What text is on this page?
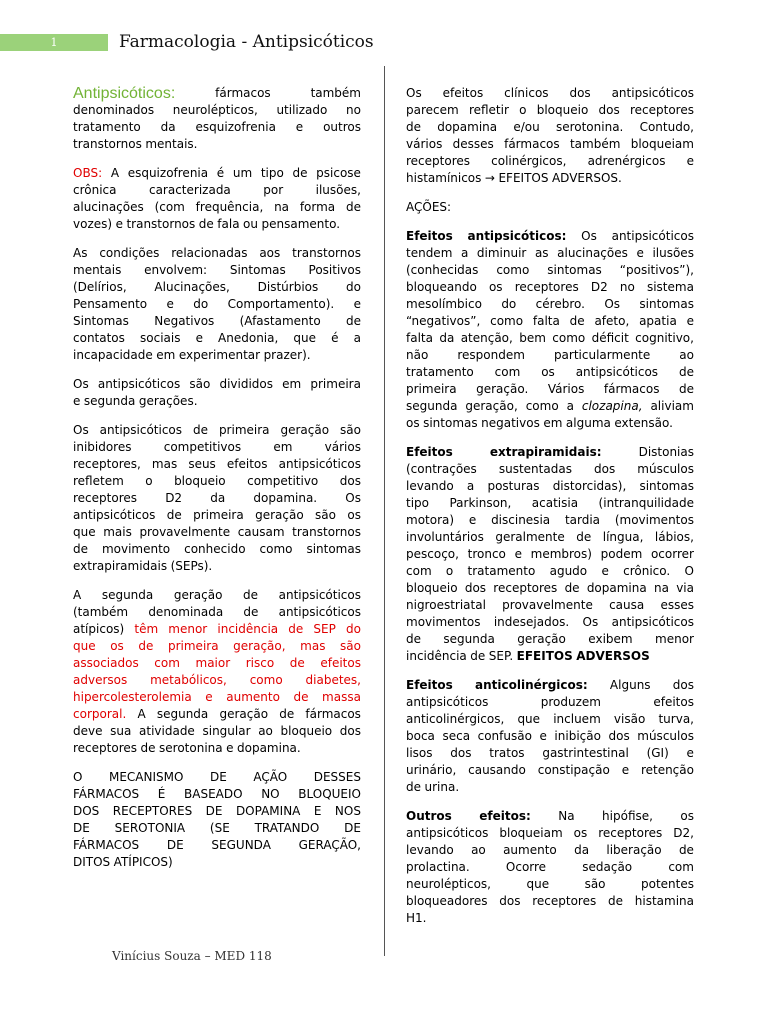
1	Farmacologia - Antipsicóticos
Antipsicóticos:	fármacos	também
denominados neurolépticos, utilizado no
tratamento da esquizofrenia e outros
transtornos mentais.
OBS: A esquizofrenia é um tipo de psicose
crônica	caracterizada	por	ilusões,
alucinações (com frequência, na forma de
vozes) e transtornos de fala ou pensamento.
As condições relacionadas aos transtornos
mentais envolvem: Sintomas Positivos
(Delírios, Alucinações, Distúrbios do
Pensamento e do Comportamento). e
Sintomas Negativos (Afastamento de
contatos sociais e Anedonia, que é a
incapacidade em experimentar prazer).
Os antipsicóticos são divididos em primeira
e segunda gerações.
Os antipsicóticos de primeira geração são
inibidores	competitivos	em	vários
receptores, mas seus efeitos antipsicóticos
refletem o bloqueio competitivo dos
receptores D2 da dopamina. Os
antipsicóticos de primeira geração são os
que mais provavelmente causam transtornos
de movimento conhecido como sintomas
extrapiramidais (SEPs).
A segunda geração de antipsicóticos
(também denominada de antipsicóticos
atípicos) têm menor incidência de SEP do
que os de primeira geração, mas são
associados com maior risco de efeitos
adversos metabólicos, como diabetes,
hipercolesterolemia e aumento de massa
corporal. A segunda geração de fármacos
deve sua atividade singular ao bloqueio dos
receptores de serotonina e dopamina.
O MECANISMO DE AÇÃO DESSES
FÁRMACOS É BASEADO NO BLOQUEIO
DOS RECEPTORES DE DOPAMINA E NOS
DE SEROTONIA (SE TRATANDO DE
FÁRMACOS DE SEGUNDA GERAÇÃO,
DITOS ATÍPICOS)
Os efeitos clínicos dos antipsicóticos
parecem refletir o bloqueio dos receptores
de dopamina e/ou serotonina. Contudo,
vários desses fármacos também bloqueiam
receptores colinérgicos, adrenérgicos e
histamínicos → EFEITOS ADVERSOS.
AÇÕES:
Efeitos antipsicóticos: Os antipsicóticos
tendem a diminuir as alucinações e ilusões
(conhecidas como sintomas “positivos”),
bloqueando os receptores D2 no sistema
mesolímbico do cérebro. Os sintomas
“negativos”, como falta de afeto, apatia e
falta da atenção, bem como déficit cognitivo,
não respondem particularmente ao
tratamento com os antipsicóticos de
primeira geração. Vários fármacos de
segunda geração, como a clozapina, aliviam
os sintomas negativos em alguma extensão.
Efeitos	extrapiramidais:	Distonias
(contrações sustentadas dos músculos
levando a posturas distorcidas), sintomas
tipo Parkinson, acatisia (intranquilidade
motora) e discinesia tardia (movimentos
involuntários geralmente de língua, lábios,
pescoço, tronco e membros) podem ocorrer
com o tratamento agudo e crônico. O
bloqueio dos receptores de dopamina na via
nigroestriatal provavelmente causa esses
movimentos indesejados. Os antipsicóticos
de segunda geração exibem menor
incidência de SEP. EFEITOS ADVERSOS
Efeitos anticolinérgicos: Alguns dos
antipsicóticos	produzem	efeitos
anticolinérgicos, que incluem visão turva,
boca seca confusão e inibição dos músculos
lisos dos tratos gastrintestinal (GI) e
urinário, causando constipação e retenção
de urina.
Outros efeitos: Na hipófise, os
antipsicóticos bloqueiam os receptores D2,
levando ao aumento da liberação de
prolactina.	Ocorre	sedação	com
neurolépticos,	que	são	potentes
bloqueadores dos receptores de histamina
H1.
Vinícius Souza – MED 118
